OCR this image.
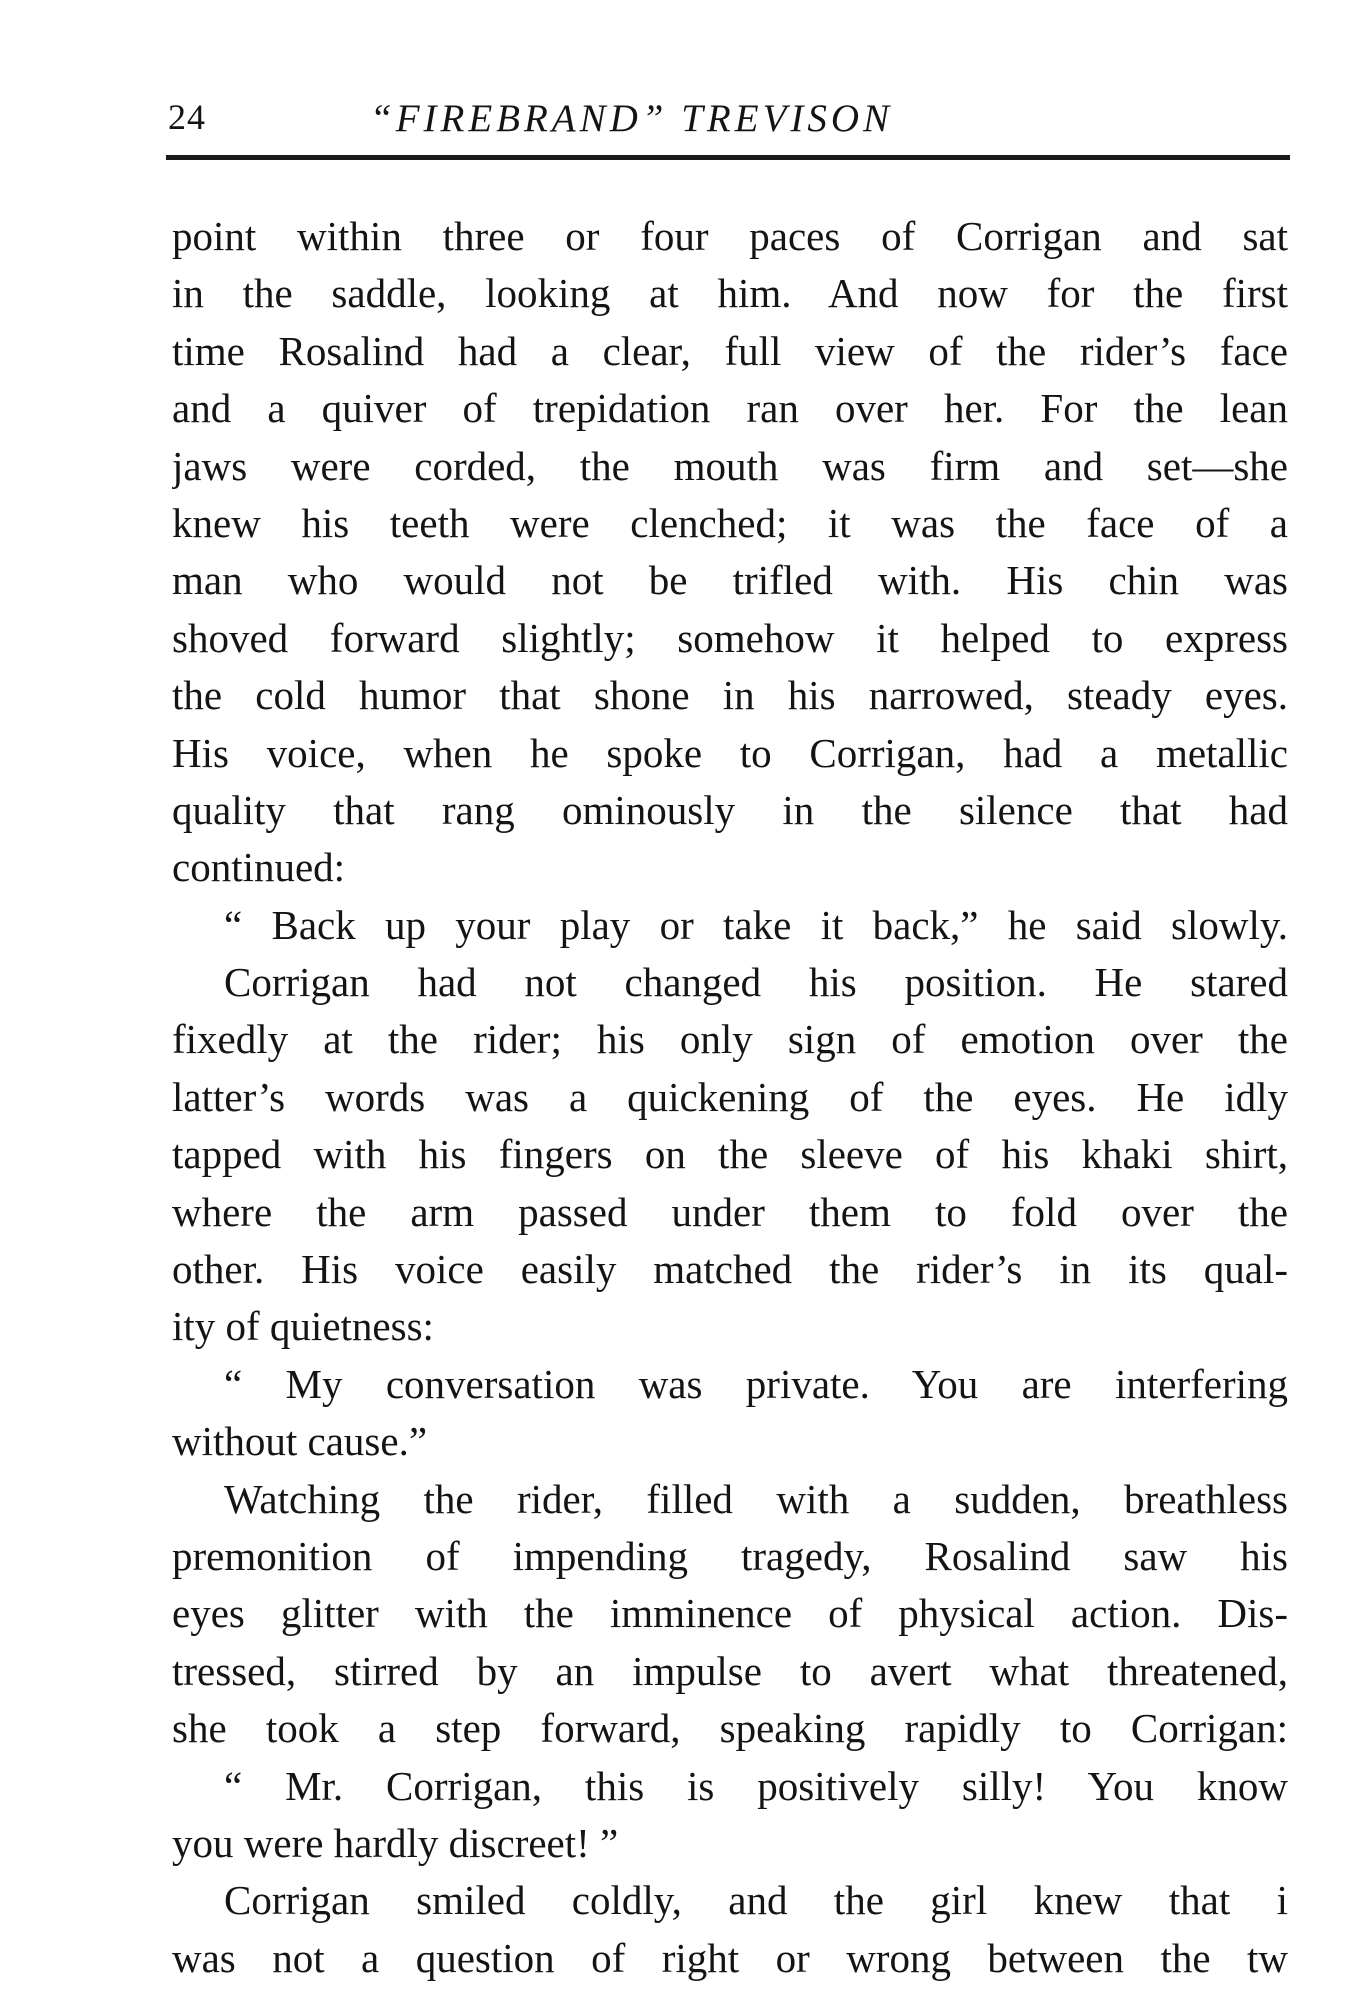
24	“FIREBRAND” TREVISON
point within three or four paces of Corrigan and sat
in the saddle, looking at him. And now for the first
time Rosalind had a clear, full view of the rider’s face
and a quiver of trepidation ran over her. For the lean
jaws were corded, the mouth was firm and set—she
knew his teeth were clenched; it was the face of a
man who would not be trifled with. His chin was
shoved forward slightly; somehow it helped to express
the cold humor that shone in his narrowed, steady eyes.
His voice, when he spoke to Corrigan, had a metallic
quality that rang ominously in the silence that had
continued:
“ Back up your play or take it back,” he said slowly.
Corrigan had not changed his position. He stared
fixedly at the rider; his only sign of emotion over the
latter’s words was a quickening of the eyes. He idly
tapped with his fingers on the sleeve of his khaki shirt,
where the arm passed under them to fold over the
other. His voice easily matched the rider’s in its qual-
ity of quietness:
“ My conversation was private. You are interfering
without cause.”
Watching the rider, filled with a sudden, breathless
premonition of impending tragedy, Rosalind saw his
eyes glitter with the imminence of physical action. Dis-
tressed, stirred by an impulse to avert what threatened,
she took a step forward, speaking rapidly to Corrigan:
“ Mr. Corrigan, this is positively silly! You know
you were hardly discreet! ”
Corrigan smiled coldly, and the girl knew that i
was not a question of right or wrong between the tw
